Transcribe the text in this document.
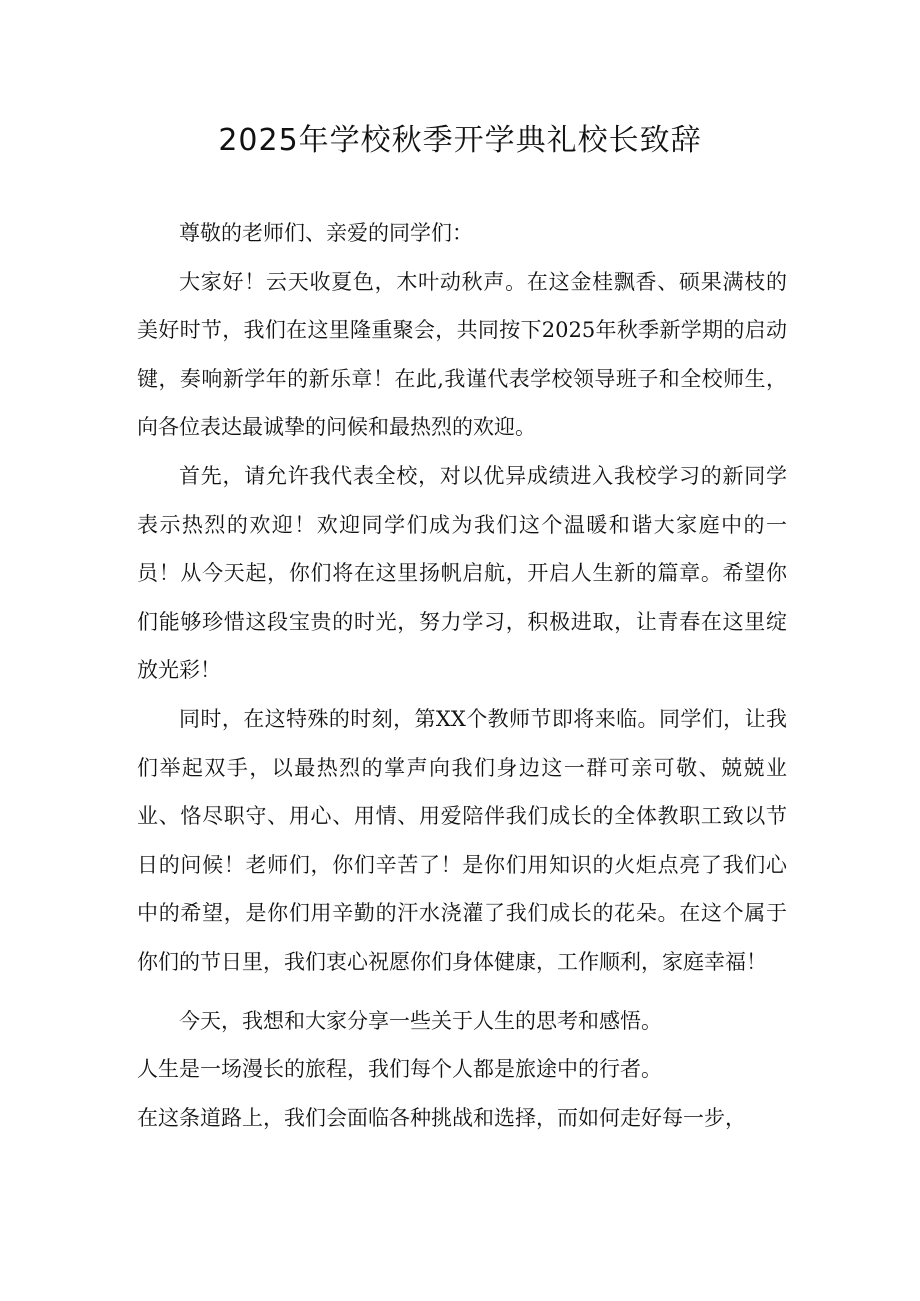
2025年学校秋季开学典礼校长致辞

尊敬的老师们、亲爱的同学们：

大家好！云天收夏色，木叶动秋声。在这金桂飘香、硕果满枝的美好时节，我们在这里隆重聚会，共同按下2025年秋季新学期的启动键，奏响新学年的新乐章！在此,我谨代表学校领导班子和全校师生，向各位表达最诚挚的问候和最热烈的欢迎。

首先，请允许我代表全校，对以优异成绩进入我校学习的新同学表示热烈的欢迎！欢迎同学们成为我们这个温暖和谐大家庭中的一员！从今天起，你们将在这里扬帆启航，开启人生新的篇章。希望你们能够珍惜这段宝贵的时光，努力学习，积极进取，让青春在这里绽放光彩！

同时，在这特殊的时刻，第XX个教师节即将来临。同学们，让我们举起双手，以最热烈的掌声向我们身边这一群可亲可敬、兢兢业业、恪尽职守、用心、用情、用爱陪伴我们成长的全体教职工致以节日的问候！老师们，你们辛苦了！是你们用知识的火炬点亮了我们心中的希望，是你们用辛勤的汗水浇灌了我们成长的花朵。在这个属于你们的节日里，我们衷心祝愿你们身体健康，工作顺利，家庭幸福！

今天，我想和大家分享一些关于人生的思考和感悟。

人生是一场漫长的旅程，我们每个人都是旅途中的行者。

在这条道路上，我们会面临各种挑战和选择，而如何走好每一步，
